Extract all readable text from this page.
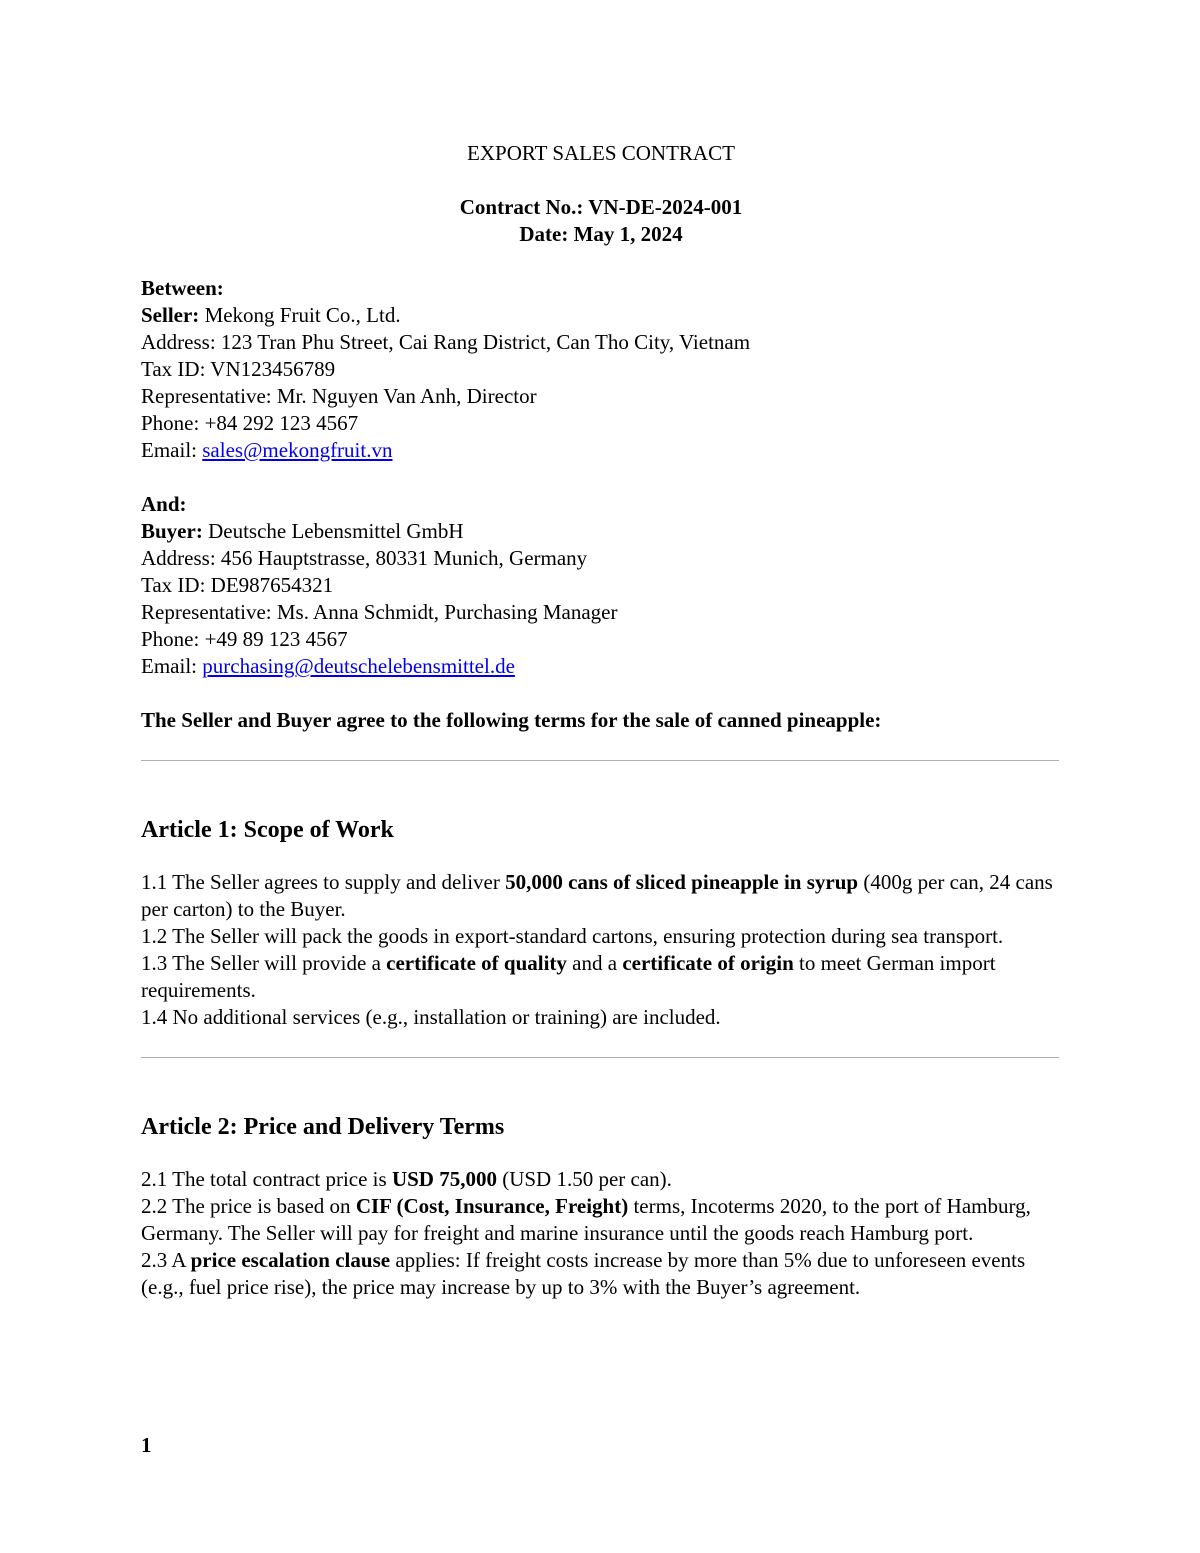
EXPORT SALES CONTRACT
Contract No.: VN-DE-2024-001
Date: May 1, 2024
Between:
Seller: Mekong Fruit Co., Ltd.
Address: 123 Tran Phu Street, Cai Rang District, Can Tho City, Vietnam
Tax ID: VN123456789
Representative: Mr. Nguyen Van Anh, Director
Phone: +84 292 123 4567
Email: sales@mekongfruit.vn
And:
Buyer: Deutsche Lebensmittel GmbH
Address: 456 Hauptstrasse, 80331 Munich, Germany
Tax ID: DE987654321
Representative: Ms. Anna Schmidt, Purchasing Manager
Phone: +49 89 123 4567
Email: purchasing@deutschelebensmittel.de
The Seller and Buyer agree to the following terms for the sale of canned pineapple:
Article 1: Scope of Work
1.1 The Seller agrees to supply and deliver 50,000 cans of sliced pineapple in syrup (400g per can, 24 cans per carton) to the Buyer.
1.2 The Seller will pack the goods in export-standard cartons, ensuring protection during sea transport.
1.3 The Seller will provide a certificate of quality and a certificate of origin to meet German import requirements.
1.4 No additional services (e.g., installation or training) are included.
Article 2: Price and Delivery Terms
2.1 The total contract price is USD 75,000 (USD 1.50 per can).
2.2 The price is based on CIF (Cost, Insurance, Freight) terms, Incoterms 2020, to the port of Hamburg, Germany. The Seller will pay for freight and marine insurance until the goods reach Hamburg port.
2.3 A price escalation clause applies: If freight costs increase by more than 5% due to unforeseen events (e.g., fuel price rise), the price may increase by up to 3% with the Buyer’s agreement.
1
